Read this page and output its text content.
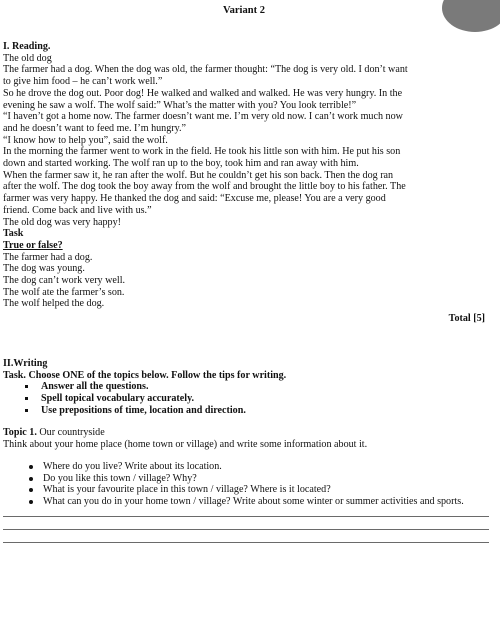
Variant 2
I. Reading.
The old dog
The farmer had a dog. When the dog was old, the farmer thought: “The dog is very old. I don’t want
to give him food – he can’t work well.”
So he drove the dog out. Poor dog! He walked and walked and walked. He was very hungry. In the
evening he saw a wolf. The wolf said:” What’s the matter with you? You look terrible!”
“I haven’t got a home now. The farmer doesn’t want me. I’m very old now. I can’t work much now
and he doesn’t want to feed me. I’m hungry.”
“I know how to help you”, said the wolf.
In the morning the farmer went to work in the field. He took his little son with him. He put his son
down and started working. The wolf ran up to the boy, took him and ran away with him.
When the farmer saw it, he ran after the wolf. But he couldn’t get his son back. Then the dog ran
after the wolf. The dog took the boy away from the wolf and brought the little boy to his father. The
farmer was very happy. He thanked the dog and said: “Excuse me, please! You are a very good
friend. Come back and live with us.”
The old dog was very happy!
Task
True or false?
The farmer had a dog.
The dog was young.
The dog can’t work very well.
The wolf ate the farmer’s son.
The wolf helped the dog.
Total [5]
II.Writing
Task. Choose ONE of the topics below. Follow the tips for writing.
Answer all the questions.
Spell topical vocabulary accurately.
Use prepositions of time, location and direction.
Topic 1. Our countryside
Think about your home place (home town or village) and write some information about it.
Where do you live? Write about its location.
Do you like this town / village? Why?
What is your favourite place in this town / village? Where is it located?
What can you do in your home town / village? Write about some winter or summer activities and sports.
